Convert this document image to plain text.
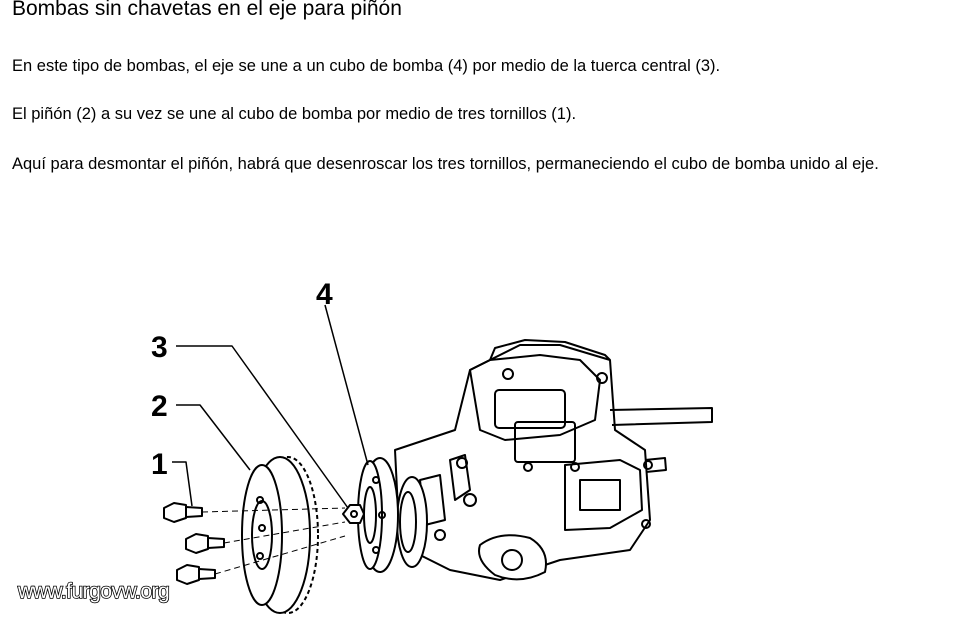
Bombas sin chavetas en el eje para piñón

En este tipo de bombas, el eje se une a un cubo de bomba (4) por medio de la tuerca central (3).

El piñón (2) a su vez se une al cubo de bomba por medio de tres tornillos (1).

Aquí para desmontar el piñón, habrá que desenroscar los tres tornillos, permaneciendo el cubo de bomba unido al eje.

1
2
3
4
www.furgovw.org
